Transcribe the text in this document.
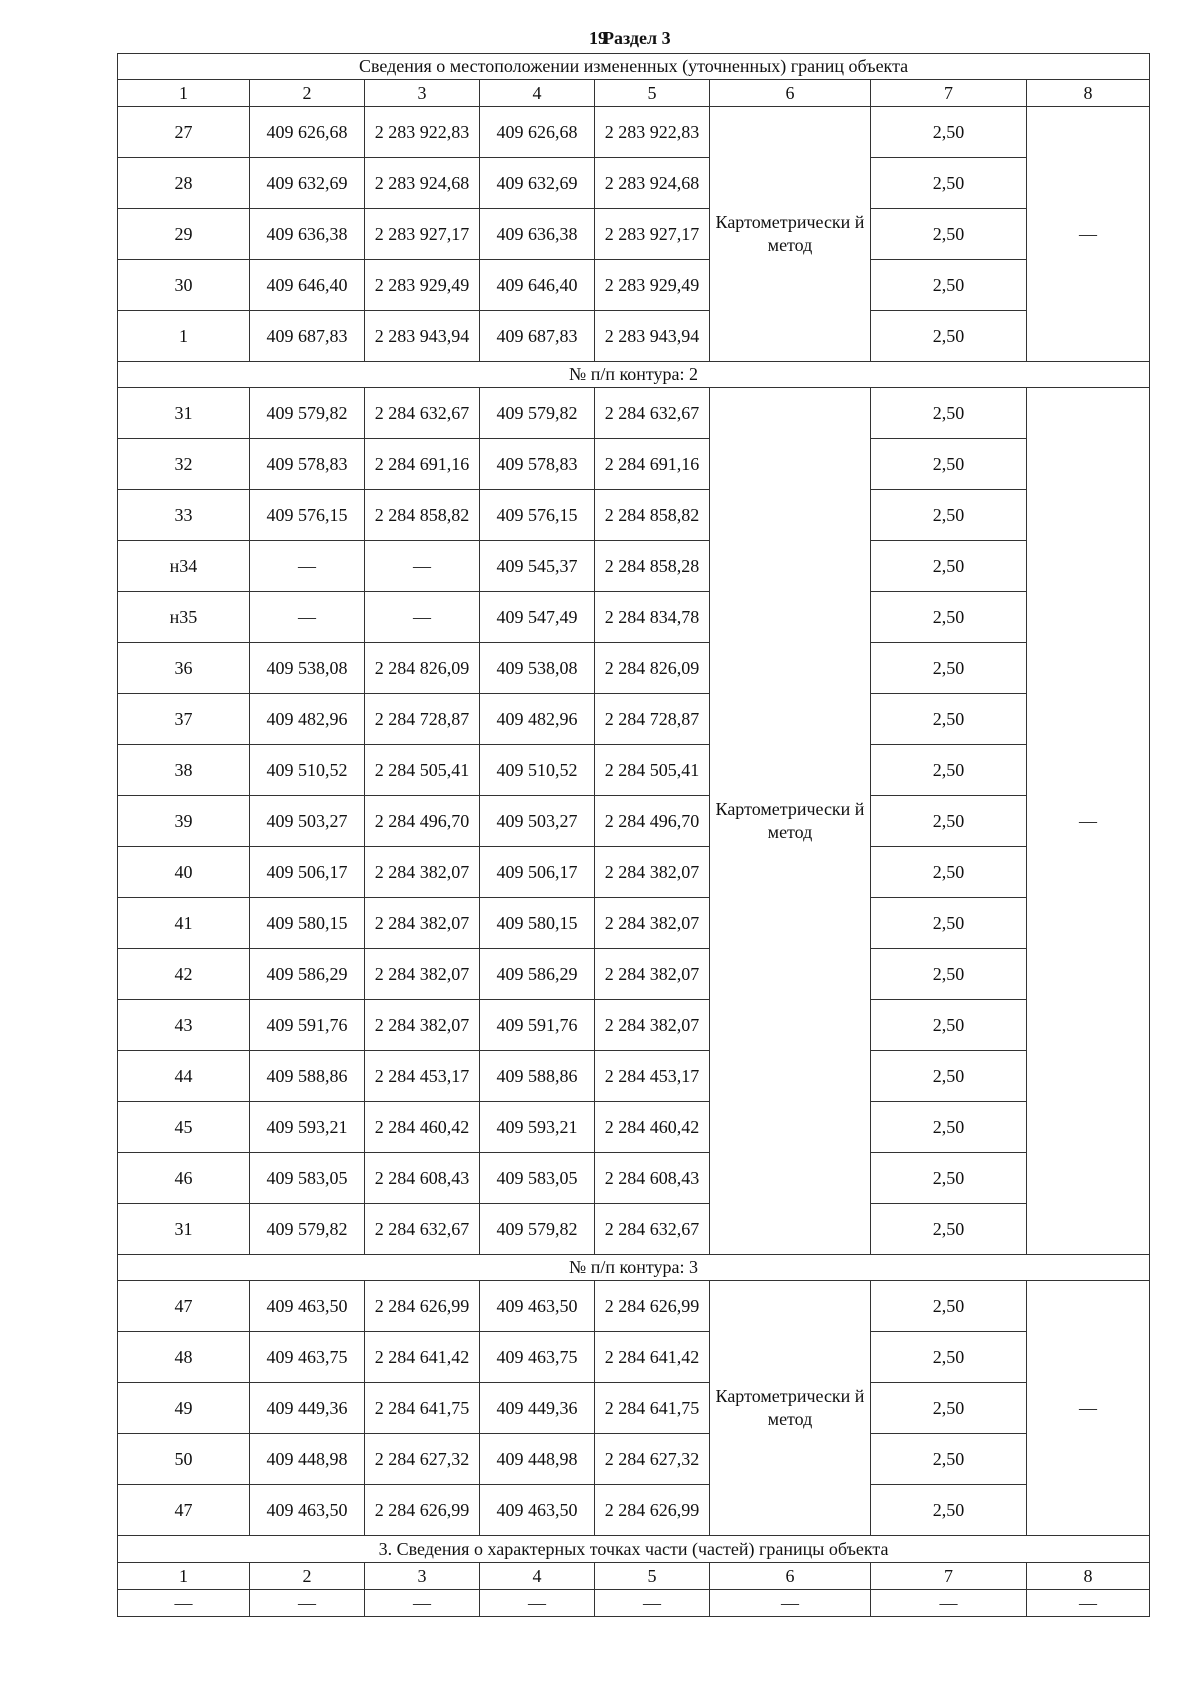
19
Раздел 3
Сведения о местоположении измененных (уточненных) границ объекта							
1	2	3	4	5	6	7	8
27	409 626,68	2 283 922,83	409 626,68	2 283 922,83	Картометрически й метод	2,50	—
28	409 632,69	2 283 924,68	409 632,69	2 283 924,68		2,50	
29	409 636,38	2 283 927,17	409 636,38	2 283 927,17		2,50	
30	409 646,40	2 283 929,49	409 646,40	2 283 929,49		2,50	
1	409 687,83	2 283 943,94	409 687,83	2 283 943,94		2,50	
№ п/п контура: 2							
31	409 579,82	2 284 632,67	409 579,82	2 284 632,67	Картометрически й метод	2,50	—
32	409 578,83	2 284 691,16	409 578,83	2 284 691,16		2,50	
33	409 576,15	2 284 858,82	409 576,15	2 284 858,82		2,50	
н34	—	—	409 545,37	2 284 858,28		2,50	
н35	—	—	409 547,49	2 284 834,78		2,50	
36	409 538,08	2 284 826,09	409 538,08	2 284 826,09		2,50	
37	409 482,96	2 284 728,87	409 482,96	2 284 728,87		2,50	
38	409 510,52	2 284 505,41	409 510,52	2 284 505,41		2,50	
39	409 503,27	2 284 496,70	409 503,27	2 284 496,70		2,50	
40	409 506,17	2 284 382,07	409 506,17	2 284 382,07		2,50	
41	409 580,15	2 284 382,07	409 580,15	2 284 382,07		2,50	
42	409 586,29	2 284 382,07	409 586,29	2 284 382,07		2,50	
43	409 591,76	2 284 382,07	409 591,76	2 284 382,07		2,50	
44	409 588,86	2 284 453,17	409 588,86	2 284 453,17		2,50	
45	409 593,21	2 284 460,42	409 593,21	2 284 460,42		2,50	
46	409 583,05	2 284 608,43	409 583,05	2 284 608,43		2,50	
31	409 579,82	2 284 632,67	409 579,82	2 284 632,67		2,50	
№ п/п контура: 3							
47	409 463,50	2 284 626,99	409 463,50	2 284 626,99	Картометрически й метод	2,50	—
48	409 463,75	2 284 641,42	409 463,75	2 284 641,42		2,50	
49	409 449,36	2 284 641,75	409 449,36	2 284 641,75		2,50	
50	409 448,98	2 284 627,32	409 448,98	2 284 627,32		2,50	
47	409 463,50	2 284 626,99	409 463,50	2 284 626,99		2,50	
3. Сведения о характерных точках части (частей) границы объекта							
1	2	3	4	5	6	7	8
—	—	—	—	—	—	—	—
